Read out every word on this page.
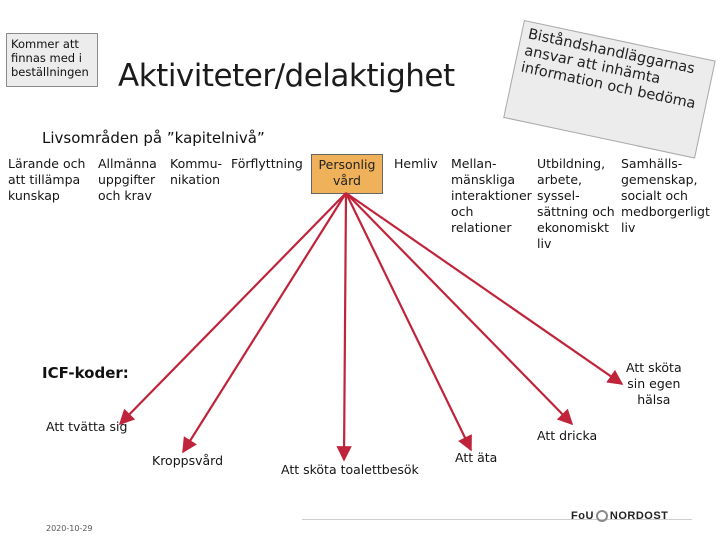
Kommer att
finnas med i
beställningen Aktiviteter/delaktighet	Biståndshandläggarnas
ansvar att inhämta
information och bedöma
Livsområden på ”kapitelnivå”
Lärande och
att tillämpa
kunskap
Allmänna
uppgifter
och krav
Kommu-
nikation
Förflyttning	Personlig
vård
Hemliv Mellan-
mänskliga
interaktioner
och
relationer
Utbildning,
arbete,
syssel-
sättning och
ekonomiskt
liv
Samhälls-
gemenskap,
socialt och
medborgerligt
liv
ICF-koder:
Att tvätta sig
Kroppsvård
Att sköta toalettbesök
Att äta
Att dricka
Att sköta
sin egen
hälsa
2020-10-29
FoU NORDOST
